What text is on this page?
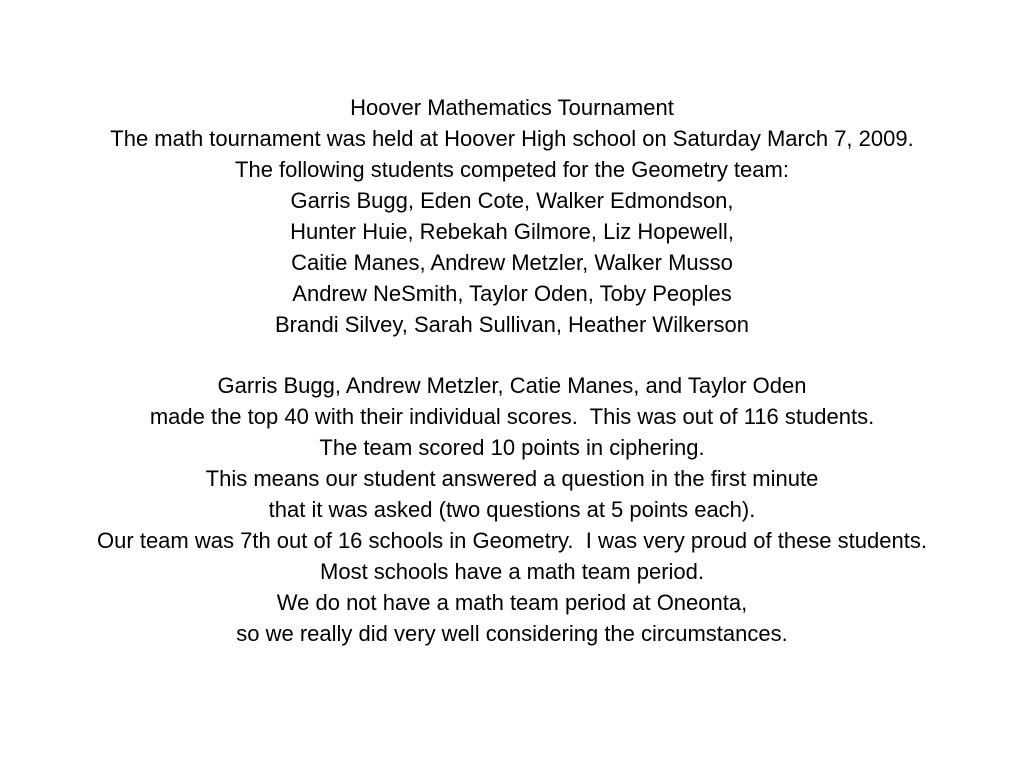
Hoover Mathematics Tournament
The math tournament was held at Hoover High school on Saturday March 7, 2009.
The following students competed for the Geometry team:
Garris Bugg, Eden Cote, Walker Edmondson,
Hunter Huie, Rebekah Gilmore, Liz Hopewell,
Caitie Manes, Andrew Metzler, Walker Musso
Andrew NeSmith, Taylor Oden, Toby Peoples
Brandi Silvey, Sarah Sullivan, Heather Wilkerson
Garris Bugg, Andrew Metzler, Catie Manes, and Taylor Oden
made the top 40 with their individual scores.  This was out of 116 students.
The team scored 10 points in ciphering.
This means our student answered a question in the first minute
that it was asked (two questions at 5 points each).
Our team was 7th out of 16 schools in Geometry.  I was very proud of these students.
Most schools have a math team period.
We do not have a math team period at Oneonta,
so we really did very well considering the circumstances.
